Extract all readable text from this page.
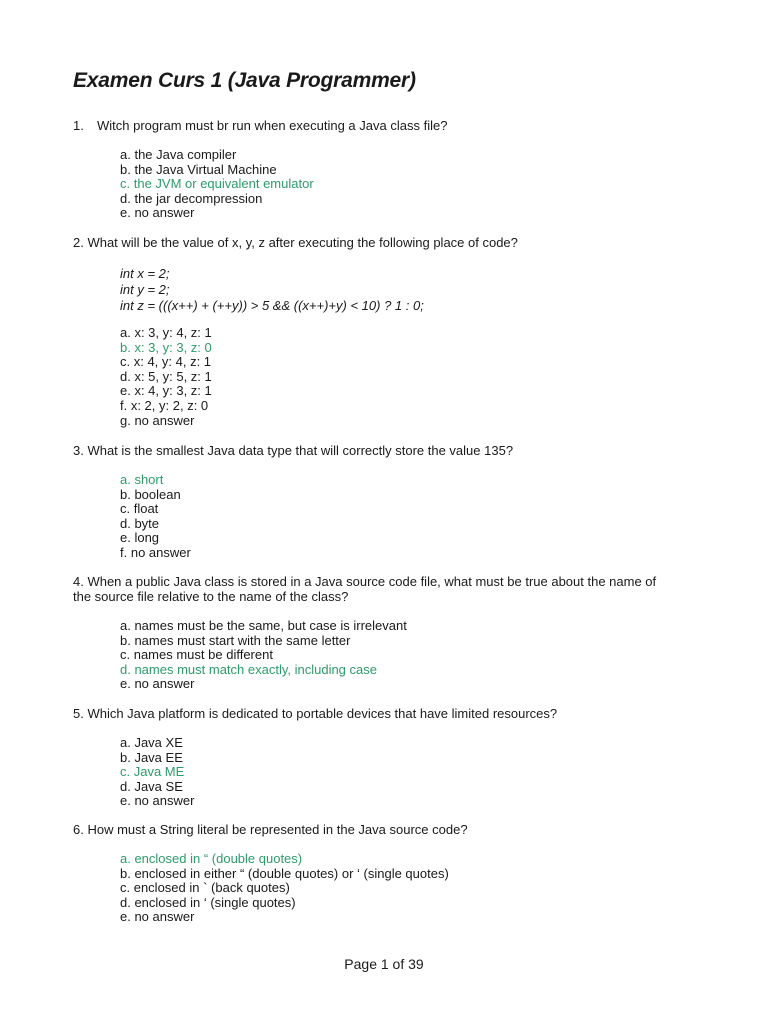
Examen Curs 1 (Java Programmer)
1. Witch program must br run when executing a Java class file?
a. the Java compiler
b. the Java Virtual Machine
c. the JVM or equivalent emulator
d. the jar decompression
e. no answer
2. What will be the value of x, y, z after executing the following place of code?
int x = 2;
int y = 2;
int z = (((x++) + (++y)) > 5 && ((x++)+y) < 10) ? 1 : 0;
a. x: 3, y: 4, z: 1
b. x: 3, y: 3, z: 0
c. x: 4, y: 4, z: 1
d. x: 5, y: 5, z: 1
e. x: 4, y: 3, z: 1
f. x: 2, y: 2, z: 0
g. no answer
3. What is the smallest Java data type that will correctly store the value 135?
a. short
b. boolean
c. float
d. byte
e. long
f. no answer
4. When a public Java class is stored in a Java source code file, what must be true about the name of the source file relative to the name of the class?
a. names must be the same, but case is irrelevant
b. names must start with the same letter
c. names must be different
d. names must match exactly, including case
e. no answer
5. Which Java platform is dedicated to portable devices that have limited resources?
a. Java XE
b. Java EE
c. Java ME
d. Java SE
e. no answer
6. How must a String literal be represented in the Java source code?
a. enclosed in “ (double quotes)
b. enclosed in either “ (double quotes) or ‘ (single quotes)
c. enclosed in ` (back quotes)
d. enclosed in ‘ (single quotes)
e. no answer
Page 1 of 39
